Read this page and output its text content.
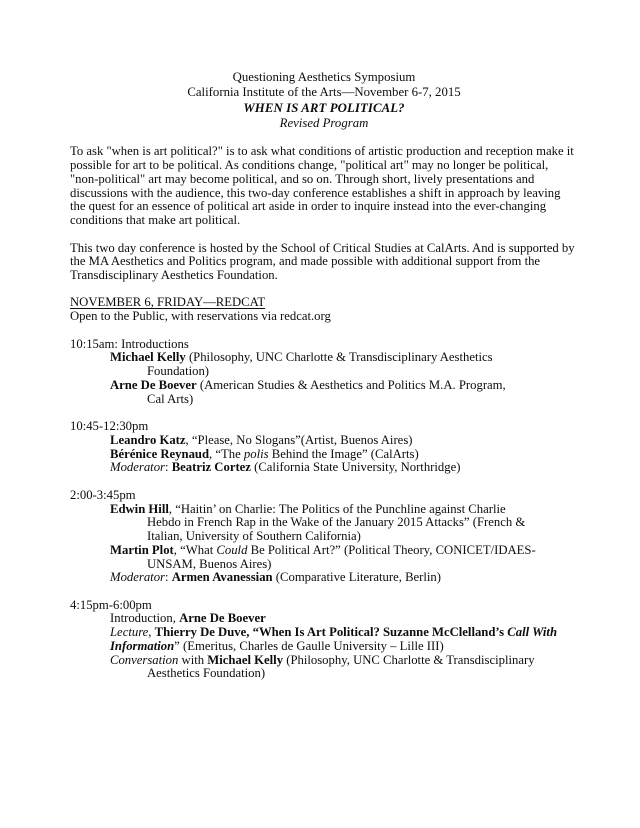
Questioning Aesthetics Symposium
California Institute of the Arts—November 6-7, 2015
WHEN IS ART POLITICAL?
Revised Program

To ask "when is art political?" is to ask what conditions of artistic production and reception make it possible for art to be political. As conditions change, "political art" may no longer be political, "non-political" art may become political, and so on. Through short, lively presentations and discussions with the audience, this two-day conference establishes a shift in approach by leaving the quest for an essence of political art aside in order to inquire instead into the ever-changing conditions that make art political.

This two day conference is hosted by the School of Critical Studies at CalArts. And is supported by the MA Aesthetics and Politics program, and made possible with additional support from the Transdisciplinary Aesthetics Foundation.

NOVEMBER 6, FRIDAY—REDCAT
Open to the Public, with reservations via redcat.org
10:15am: Introductions
Michael Kelly (Philosophy, UNC Charlotte & Transdisciplinary Aesthetics
Foundation)
Arne De Boever (American Studies & Aesthetics and Politics M.A. Program,
Cal Arts)
10:45-12:30pm
Leandro Katz, “Please, No Slogans”(Artist, Buenos Aires)
Bérénice Reynaud, “The polis Behind the Image” (CalArts)
Moderator: Beatriz Cortez (California State University, Northridge)
2:00-3:45pm
Edwin Hill, “Haitin’ on Charlie: The Politics of the Punchline against Charlie
Hebdo in French Rap in the Wake of the January 2015 Attacks” (French &
Italian, University of Southern California)
Martin Plot, “What Could Be Political Art?” (Political Theory, CONICET/IDAES-
UNSAM, Buenos Aires)
Moderator: Armen Avanessian (Comparative Literature, Berlin)
4:15pm-6:00pm
Introduction, Arne De Boever
Lecture, Thierry De Duve, “When Is Art Political? Suzanne McClelland’s Call With Information” (Emeritus, Charles de Gaulle University – Lille III)
Conversation with Michael Kelly (Philosophy, UNC Charlotte & Transdisciplinary
Aesthetics Foundation)
